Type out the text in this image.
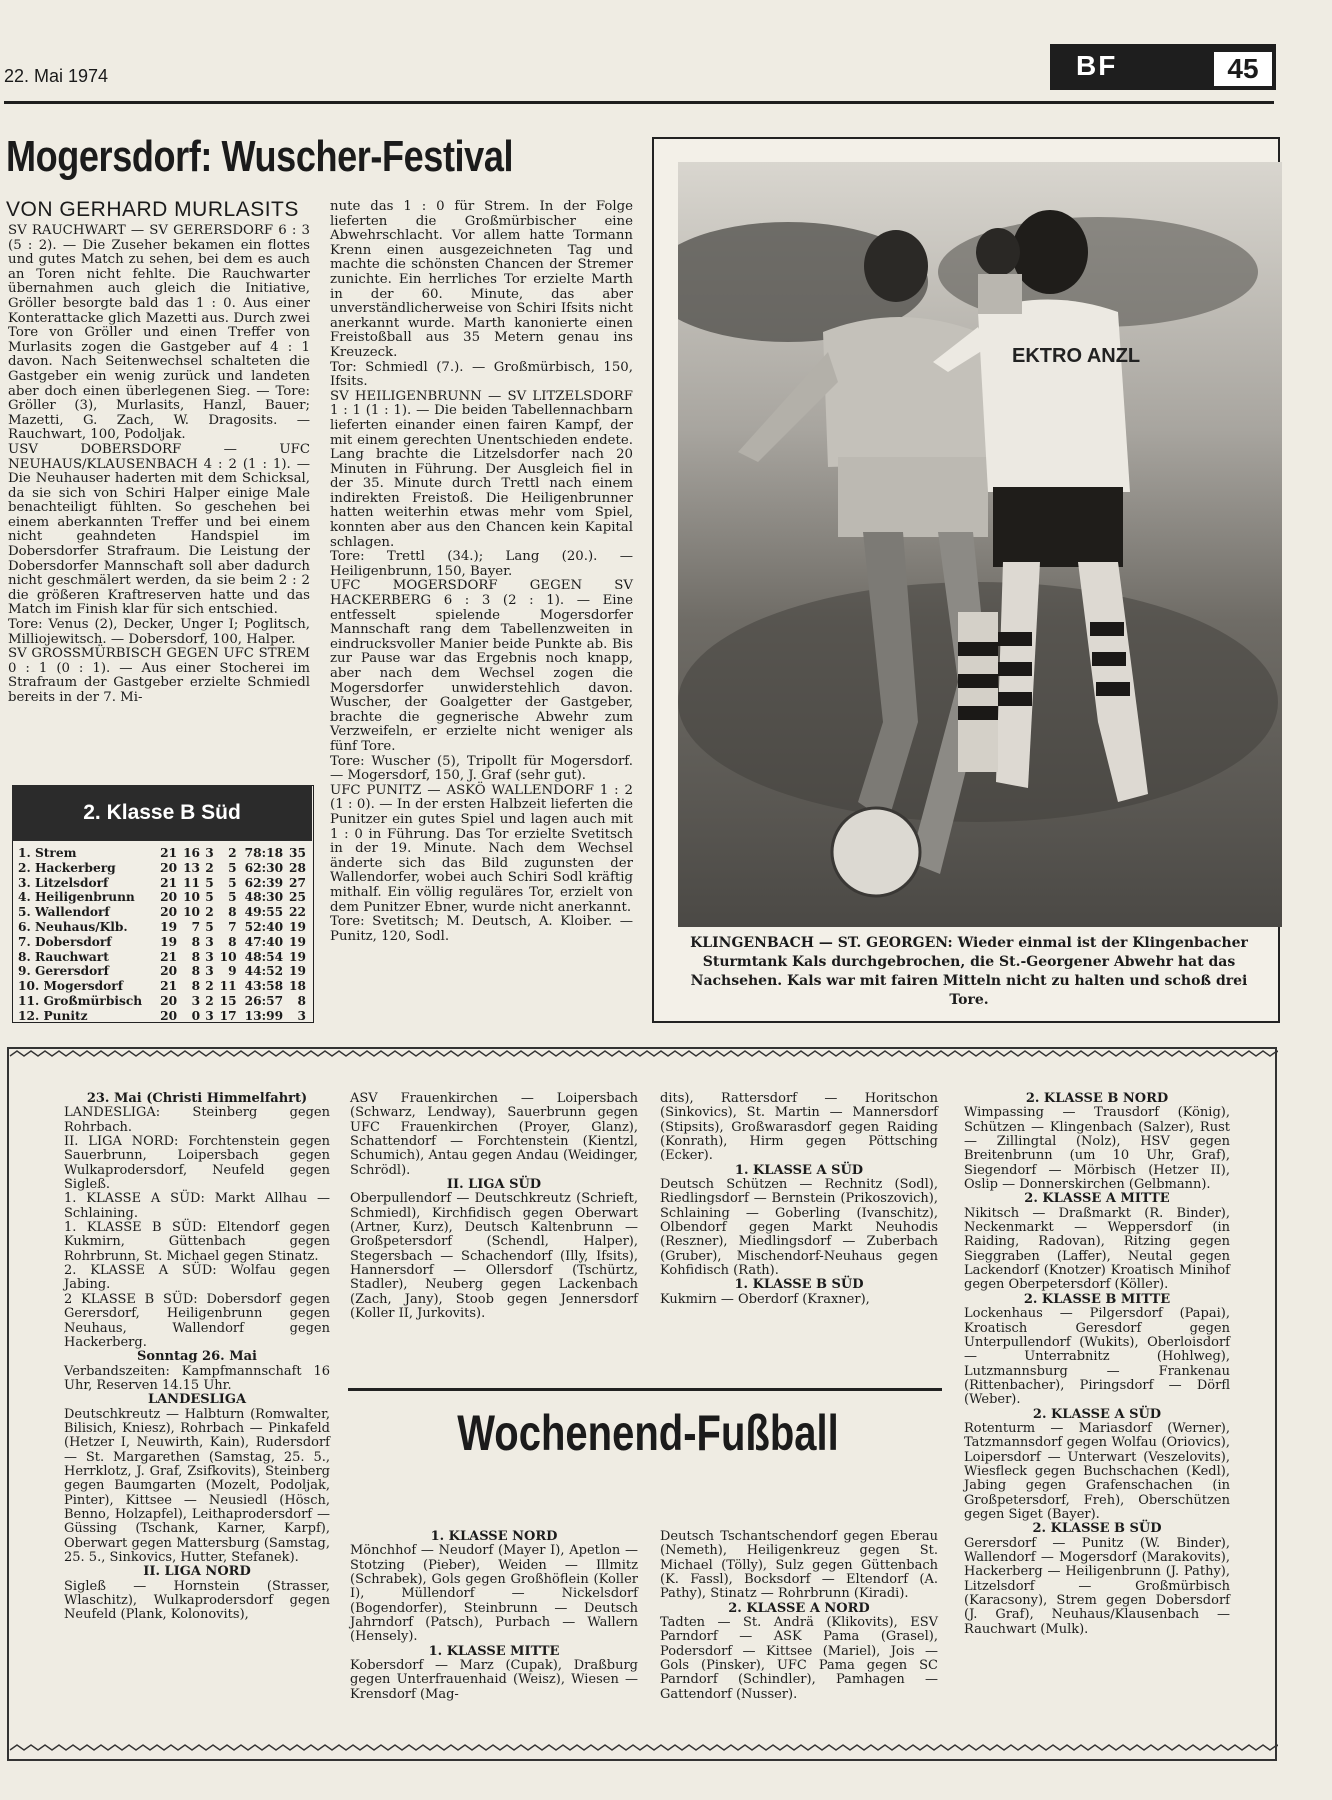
22. Mai 1974	BF	45
Mogersdorf: Wuscher-Festival
VON GERHARD MURLASITS

SV RAUCHWART — SV GERERSDORF 6 : 3 (5 : 2). — Die Zuseher bekamen ein flottes und gutes Match zu sehen, bei dem es auch an Toren nicht fehlte. Die Rauchwarter übernahmen auch gleich die Initiative, Gröller besorgte bald das 1 : 0. Aus einer Konterattacke glich Mazetti aus. Durch zwei Tore von Gröller und einen Treffer von Murlasits zogen die Gastgeber auf 4 : 1 davon. Nach Seitenwechsel schalteten die Gastgeber ein wenig zurück und landeten aber doch einen überlegenen Sieg. — Tore: Gröller (3), Murlasits, Hanzl, Bauer; Mazetti, G. Zach, W. Dragosits. — Rauchwart, 100, Podoljak.

USV DOBERSDORF — UFC NEUHAUS/KLAUSENBACH 4 : 2 (1 : 1). — Die Neuhauser haderten mit dem Schicksal, da sie sich von Schiri Halper einige Male benachteiligt fühlten. So geschehen bei einem aberkannten Treffer und bei einem nicht geahndeten Handspiel im Dobersdorfer Strafraum. Die Leistung der Dobersdorfer Mannschaft soll aber dadurch nicht geschmälert werden, da sie beim 2 : 2 die größeren Kraftreserven hatte und das Match im Finish klar für sich entschied.

Tore: Venus (2), Decker, Unger I; Poglitsch, Milliojewitsch. — Dobersdorf, 100, Halper.

SV GROSSMÜRBISCH GEGEN UFC STREM 0 : 1 (0 : 1). — Aus einer Stocherei im Strafraum der Gastgeber erzielte Schmiedl bereits in der 7. Mi-

nute das 1 : 0 für Strem. In der Folge lieferten die Großmürbischer eine Abwehrschlacht. Vor allem hatte Tormann Krenn einen ausgezeichneten Tag und machte die schönsten Chancen der Stremer zunichte. Ein herrliches Tor erzielte Marth in der 60. Minute, das aber unverständlicherweise von Schiri Ifsits nicht anerkannt wurde. Marth kanonierte einen Freistoßball aus 35 Metern genau ins Kreuzeck.

Tor: Schmiedl (7.). — Großmürbisch, 150, Ifsits.

SV HEILIGENBRUNN — SV LITZELSDORF 1 : 1 (1 : 1). — Die beiden Tabellennachbarn lieferten einander einen fairen Kampf, der mit einem gerechten Unentschieden endete. Lang brachte die Litzelsdorfer nach 20 Minuten in Führung. Der Ausgleich fiel in der 35. Minute durch Trettl nach einem indirekten Freistoß. Die Heiligenbrunner hatten weiterhin etwas mehr vom Spiel, konnten aber aus den Chancen kein Kapital schlagen.

Tore: Trettl (34.); Lang (20.). — Heiligenbrunn, 150, Bayer.

UFC MOGERSDORF GEGEN SV HACKERBERG 6 : 3 (2 : 1). — Eine entfesselt spielende Mogersdorfer Mannschaft rang dem Tabellenzweiten in eindrucksvoller Manier beide Punkte ab. Bis zur Pause war das Ergebnis noch knapp, aber nach dem Wechsel zogen die Mogersdorfer unwiderstehlich davon. Wuscher, der Goalgetter der Gastgeber, brachte die gegnerische Abwehr zum Verzweifeln, er erzielte nicht weniger als fünf Tore.

Tore: Wuscher (5), Tripollt für Mogersdorf. — Mogersdorf, 150, J. Graf (sehr gut).

UFC PUNITZ — ASKÖ WALLENDORF 1 : 2 (1 : 0). — In der ersten Halbzeit lieferten die Punitzer ein gutes Spiel und lagen auch mit 1 : 0 in Führung. Das Tor erzielte Svetitsch in der 19. Minute. Nach dem Wechsel änderte sich das Bild zugunsten der Wallendorfer, wobei auch Schiri Sodl kräftig mithalf. Ein völlig reguläres Tor, erzielt von dem Punitzer Ebner, wurde nicht anerkannt.

Tore: Svetitsch; M. Deutsch, A. Kloiber. — Punitz, 120, Sodl.

2. Klasse B Süd
1. Strem	21	16	3	2	78:18	35
2. Hackerberg	20	13	2	5	62:30	28
3. Litzelsdorf	21	11	5	5	62:39	27
4. Heiligenbrunn	20	10	5	5	48:30	25
5. Wallendorf	20	10	2	8	49:55	22
6. Neuhaus/Klb.	19	7	5	7	52:40	19
7. Dobersdorf	19	8	3	8	47:40	19
8. Rauchwart	21	8	3	10	48:54	19
9. Gerersdorf	20	8	3	9	44:52	19
10. Mogersdorf	21	8	2	11	43:58	18
11. Großmürbisch	20	3	2	15	26:57	8
12. Punitz	20	0	3	17	13:99	3
EKTRO ANZL
KLINGENBACH — ST. GEORGEN: Wieder einmal ist der Klingenbacher Sturmtank Kals durchgebrochen, die St.-Georgener Abwehr hat das Nachsehen. Kals war mit fairen Mitteln nicht zu halten und schoß drei Tore.

23. Mai (Christi Himmelfahrt)

LANDESLIGA: Steinberg gegen Rohrbach.

II. LIGA NORD: Forchtenstein gegen Sauerbrunn, Loipersbach gegen Wulkaprodersdorf, Neufeld gegen Sigleß.

1. KLASSE A SÜD: Markt Allhau — Schlaining.

1. KLASSE B SÜD: Eltendorf gegen Kukmirn, Güttenbach gegen Rohrbrunn, St. Michael gegen Stinatz.

2. KLASSE A SÜD: Wolfau gegen Jabing.

2 KLASSE B SÜD: Dobersdorf gegen Gerersdorf, Heiligenbrunn gegen Neuhaus, Wallendorf gegen Hackerberg.

Sonntag 26. Mai

Verbandszeiten: Kampfmannschaft 16 Uhr, Reserven 14.15 Uhr.

LANDESLIGA

Deutschkreutz — Halbturn (Romwalter, Bilisich, Kniesz), Rohrbach — Pinkafeld (Hetzer I, Neuwirth, Kain), Rudersdorf — St. Margarethen (Samstag, 25. 5., Herrklotz, J. Graf, Zsifkovits), Steinberg gegen Baumgarten (Mozelt, Podoljak, Pinter), Kittsee — Neusiedl (Hösch, Benno, Holzapfel), Leithaprodersdorf — Güssing (Tschank, Karner, Karpf), Oberwart gegen Mattersburg (Samstag, 25. 5., Sinkovics, Hutter, Stefanek).

II. LIGA NORD

Sigleß — Hornstein (Strasser, Wlaschitz), Wulkaprodersdorf gegen Neufeld (Plank, Kolonovits),

ASV Frauenkirchen — Loipersbach (Schwarz, Lendway), Sauerbrunn gegen UFC Frauenkirchen (Proyer, Glanz), Schattendorf — Forchtenstein (Kientzl, Schumich), Antau gegen Andau (Weidinger, Schrödl).

II. LIGA SÜD

Oberpullendorf — Deutschkreutz (Schrieft, Schmiedl), Kirchfidisch gegen Oberwart (Artner, Kurz), Deutsch Kaltenbrunn — Großpetersdorf (Schendl, Halper), Stegersbach — Schachendorf (Illy, Ifsits), Hannersdorf — Ollersdorf (Tschürtz, Stadler), Neuberg gegen Lackenbach (Zach, Jany), Stoob gegen Jennersdorf (Koller II, Jurkovits).

dits), Rattersdorf — Horitschon (Sinkovics), St. Martin — Mannersdorf (Stipsits), Großwarasdorf gegen Raiding (Konrath), Hirm gegen Pöttsching (Ecker).

1. KLASSE A SÜD

Deutsch Schützen — Rechnitz (Sodl), Riedlingsdorf — Bernstein (Prikoszovich), Schlaining — Goberling (Ivanschitz), Olbendorf gegen Markt Neuhodis (Reszner), Miedlingsdorf — Zuberbach (Gruber), Mischendorf-Neuhaus gegen Kohfidisch (Rath).

1. KLASSE B SÜD

Kukmirn — Oberdorf (Kraxner),

2. KLASSE B NORD

Wimpassing — Trausdorf (König), Schützen — Klingenbach (Salzer), Rust — Zillingtal (Nolz), HSV gegen Breitenbrunn (um 10 Uhr, Graf), Siegendorf — Mörbisch (Hetzer II), Oslip — Donnerskirchen (Gelbmann).

2. KLASSE A MITTE

Nikitsch — Draßmarkt (R. Binder), Neckenmarkt — Weppersdorf (in Raiding, Radovan), Ritzing gegen Sieggraben (Laffer), Neutal gegen Lackendorf (Knotzer) Kroatisch Minihof gegen Oberpetersdorf (Köller).

2. KLASSE B MITTE

Lockenhaus — Pilgersdorf (Papai), Kroatisch Geresdorf gegen Unterpullendorf (Wukits), Oberloisdorf — Unterrabnitz (Hohlweg), Lutzmannsburg — Frankenau (Rittenbacher), Piringsdorf — Dörfl (Weber).

2. KLASSE A SÜD

Rotenturm — Mariasdorf (Werner), Tatzmannsdorf gegen Wolfau (Oriovics), Loipersdorf — Unterwart (Veszelovits), Wiesfleck gegen Buchschachen (Kedl), Jabing gegen Grafenschachen (in Großpetersdorf, Freh), Oberschützen gegen Siget (Bayer).

2. KLASSE B SÜD

Gerersdorf — Punitz (W. Binder), Wallendorf — Mogersdorf (Marakovits), Hackerberg — Heiligenbrunn (J. Pathy), Litzelsdorf — Großmürbisch (Karacsony), Strem gegen Dobersdorf (J. Graf), Neuhaus/Klausenbach — Rauchwart (Mulk).

Wochenend-Fußball

1. KLASSE NORD

Mönchhof — Neudorf (Mayer I), Apetlon — Stotzing (Pieber), Weiden — Illmitz (Schrabek), Gols gegen Großhöflein (Koller I), Müllendorf — Nickelsdorf (Bogendorfer), Steinbrunn — Deutsch Jahrndorf (Patsch), Purbach — Wallern (Hensely).

1. KLASSE MITTE

Kobersdorf — Marz (Cupak), Draßburg gegen Unterfrauenhaid (Weisz), Wiesen — Krensdorf (Mag-

Deutsch Tschantschendorf gegen Eberau (Nemeth), Heiligenkreuz gegen St. Michael (Tölly), Sulz gegen Güttenbach (K. Fassl), Bocksdorf — Eltendorf (A. Pathy), Stinatz — Rohrbrunn (Kiradi).

2. KLASSE A NORD

Tadten — St. Andrä (Klikovits), ESV Parndorf — ASK Pama (Grasel), Podersdorf — Kittsee (Mariel), Jois — Gols (Pinsker), UFC Pama gegen SC Parndorf (Schindler), Pamhagen — Gattendorf (Nusser).
